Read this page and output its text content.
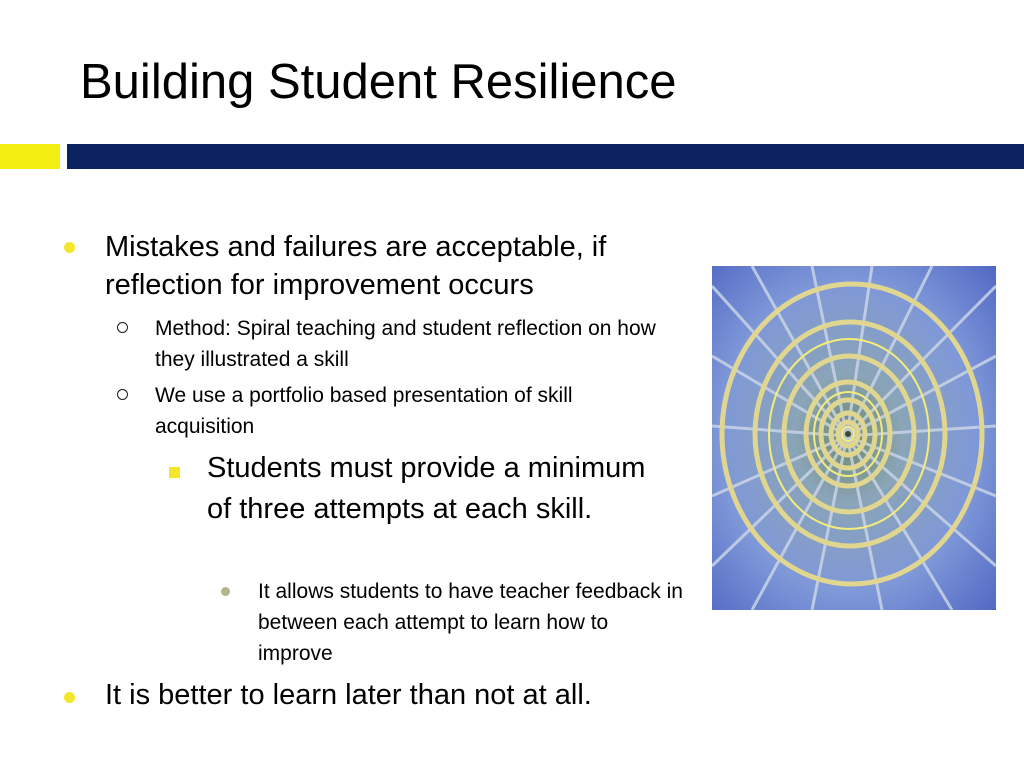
Building Student Resilience

Mistakes and failures are acceptable, if reflection for improvement occurs

Method: Spiral teaching and student reflection on how they illustrated a skill

We use a portfolio based presentation of skill acquisition

Students must provide a minimum of three attempts at each skill.

It allows students to have teacher feedback in between each attempt to learn how to improve

It is better to learn later than not at all.
